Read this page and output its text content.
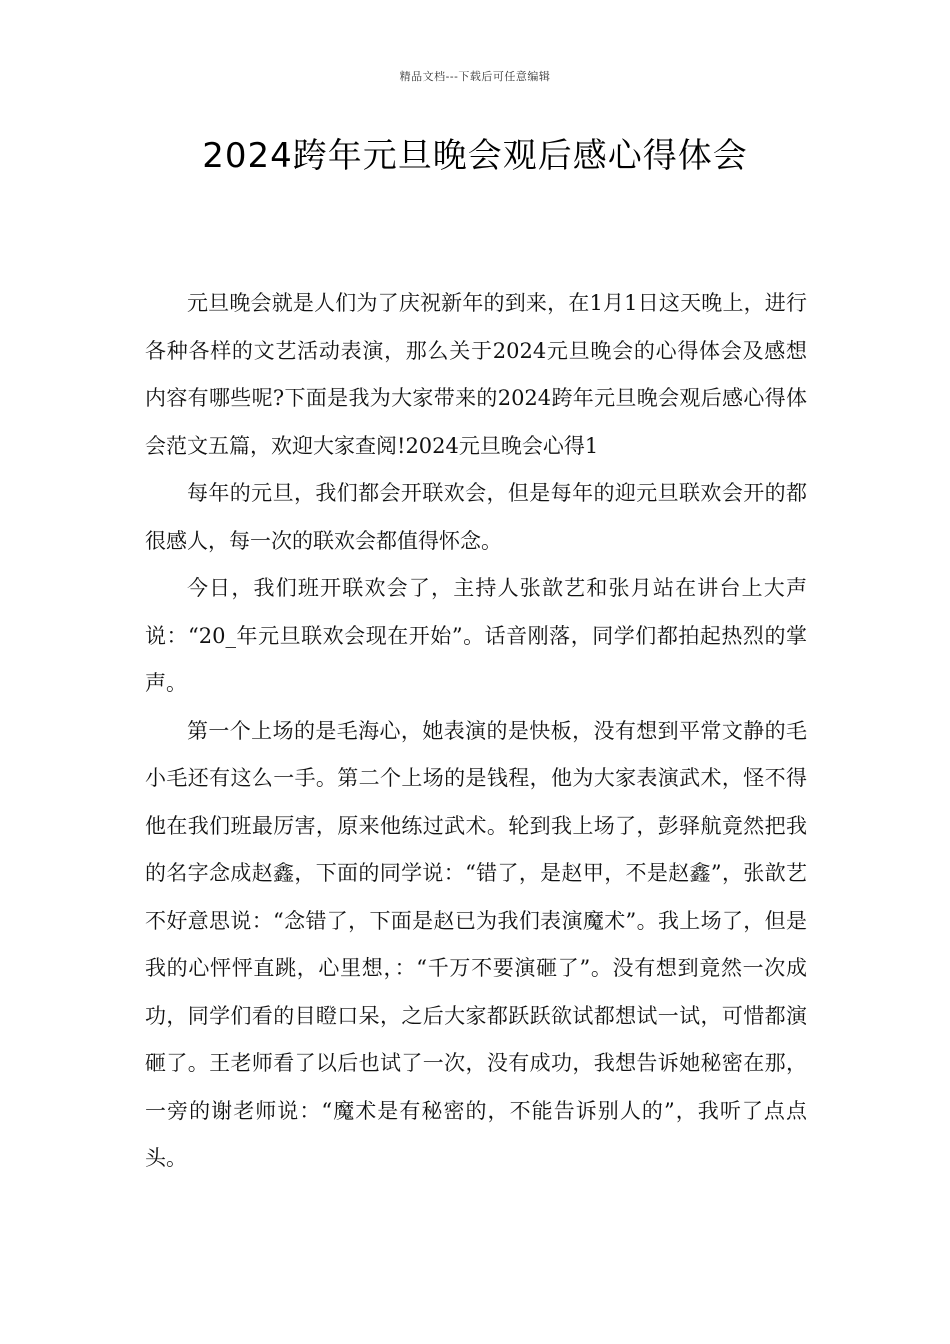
精品文档---下载后可任意编辑
2024跨年元旦晚会观后感心得体会

元旦晚会就是人们为了庆祝新年的到来，在1月1日这天晚上，进行各种各样的文艺活动表演，那么关于2024元旦晚会的心得体会及感想内容有哪些呢?下面是我为大家带来的2024跨年元旦晚会观后感心得体会范文五篇，欢迎大家查阅!2024元旦晚会心得1

每年的元旦，我们都会开联欢会，但是每年的迎元旦联欢会开的都很感人，每一次的联欢会都值得怀念。

今日，我们班开联欢会了，主持人张歆艺和张月站在讲台上大声说：“20_年元旦联欢会现在开始”。话音刚落，同学们都拍起热烈的掌声。

第一个上场的是毛海心，她表演的是快板，没有想到平常文静的毛小毛还有这么一手。第二个上场的是钱程，他为大家表演武术，怪不得他在我们班最厉害，原来他练过武术。轮到我上场了，彭驿航竟然把我的名字念成赵鑫，下面的同学说：“错了，是赵甲，不是赵鑫”，张歆艺不好意思说：“念错了，下面是赵已为我们表演魔术”。我上场了，但是我的心怦怦直跳，心里想，：“千万不要演砸了”。没有想到竟然一次成功，同学们看的目瞪口呆，之后大家都跃跃欲试都想试一试，可惜都演砸了。王老师看了以后也试了一次，没有成功，我想告诉她秘密在那，一旁的谢老师说：“魔术是有秘密的，不能告诉别人的”，我听了点点头。
